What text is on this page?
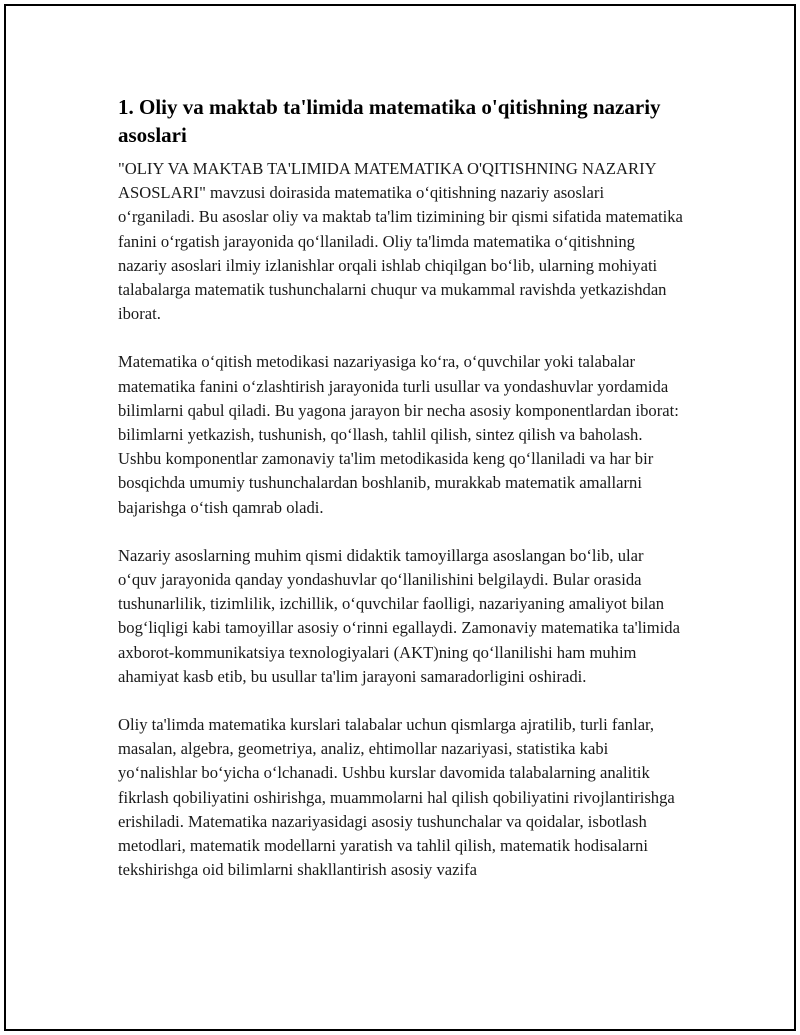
1. Oliy va maktab ta'limida matematika o'qitishning nazariy asoslari

"OLIY VA MAKTAB TA'LIMIDA MATEMATIKA O'QITISHNING NAZARIY ASOSLARI" mavzusi doirasida matematika o‘qitishning nazariy asoslari o‘rganiladi. Bu asoslar oliy va maktab ta'lim tizimining bir qismi sifatida matematika fanini o‘rgatish jarayonida qo‘llaniladi. Oliy ta'limda matematika o‘qitishning nazariy asoslari ilmiy izlanishlar orqali ishlab chiqilgan bo‘lib, ularning mohiyati talabalarga matematik tushunchalarni chuqur va mukammal ravishda yetkazishdan iborat.

Matematika o‘qitish metodikasi nazariyasiga ko‘ra, o‘quvchilar yoki talabalar matematika fanini o‘zlashtirish jarayonida turli usullar va yondashuvlar yordamida bilimlarni qabul qiladi. Bu yagona jarayon bir necha asosiy komponentlardan iborat: bilimlarni yetkazish, tushunish, qo‘llash, tahlil qilish, sintez qilish va baholash. Ushbu komponentlar zamonaviy ta'lim metodikasida keng qo‘llaniladi va har bir bosqichda umumiy tushunchalardan boshlanib, murakkab matematik amallarni bajarishga o‘tish qamrab oladi.

Nazariy asoslarning muhim qismi didaktik tamoyillarga asoslangan bo‘lib, ular o‘quv jarayonida qanday yondashuvlar qo‘llanilishini belgilaydi. Bular orasida tushunarlilik, tizimlilik, izchillik, o‘quvchilar faolligi, nazariyaning amaliyot bilan bog‘liqligi kabi tamoyillar asosiy o‘rinni egallaydi. Zamonaviy matematika ta'limida axborot-kommunikatsiya texnologiyalari (AKT)ning qo‘llanilishi ham muhim ahamiyat kasb etib, bu usullar ta'lim jarayoni samaradorligini oshiradi.

Oliy ta'limda matematika kurslari talabalar uchun qismlarga ajratilib, turli fanlar, masalan, algebra, geometriya, analiz, ehtimollar nazariyasi, statistika kabi yo‘nalishlar bo‘yicha o‘lchanadi. Ushbu kurslar davomida talabalarning analitik fikrlash qobiliyatini oshirishga, muammolarni hal qilish qobiliyatini rivojlantirishga erishiladi. Matematika nazariyasidagi asosiy tushunchalar va qoidalar, isbotlash metodlari, matematik modellarni yaratish va tahlil qilish, matematik hodisalarni tekshirishga oid bilimlarni shakllantirish asosiy vazifa
